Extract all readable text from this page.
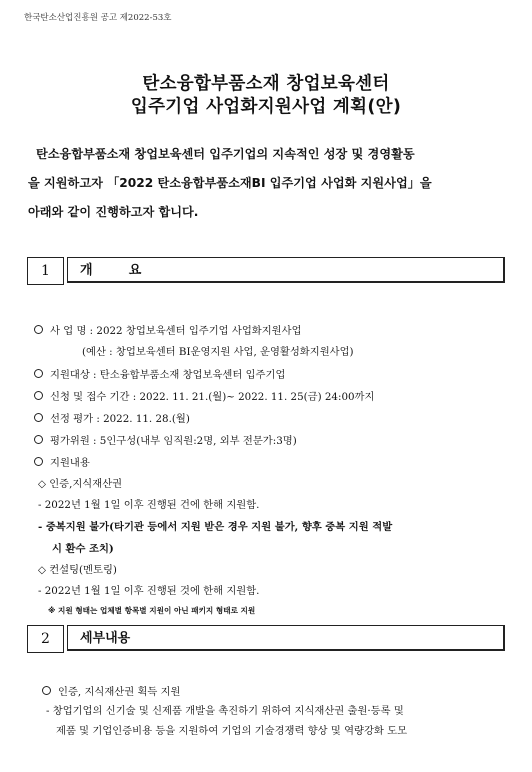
한국탄소산업진흥원 공고 제2022-53호
탄소융합부품소재 창업보육센터
입주기업 사업화지원사업 계획(안)
탄소융합부품소재 창업보육센터 입주기업의 지속적인 성장 및 경영활동
을 지원하고자 「2022 탄소융합부품소재BI 입주기업 사업화 지원사업」을
아래와 같이 진행하고자 합니다.
1	개        요
사 업 명 : 2022 창업보육센터 입주기업 사업화지원사업
(예산 : 창업보육센터 BI운영지원 사업, 운영활성화지원사업)
지원대상 : 탄소융합부품소재 창업보육센터 입주기업
신청 및 접수 기간 : 2022. 11. 21.(월)~ 2022. 11. 25(금) 24:00까지
선정 평가 : 2022. 11. 28.(월)
평가위원 : 5인구성(내부 임직원:2명, 외부 전문가:3명)
지원내용
◇ 인증,지식재산권
- 2022년 1월 1일 이후 진행된 건에 한해 지원함.
- 중복지원 불가(타기관 등에서 지원 받은 경우 지원 불가, 향후 중복 지원 적발
시 환수 조치)
◇ 컨설팅(멘토링)
- 2022년 1월 1일 이후 진행된 것에 한해 지원함.
※ 지원 형태는 업체별 항목별 지원이 아닌 패키지 형태로 지원
2	세부내용
인증, 지식재산권 획득 지원
- 창업기업의 신기술 및 신제품 개발을 촉진하기 위하여 지식재산권 출원·등록 및
제품 및 기업인증비용 등을 지원하여 기업의 기술경쟁력 향상 및 역량강화 도모
